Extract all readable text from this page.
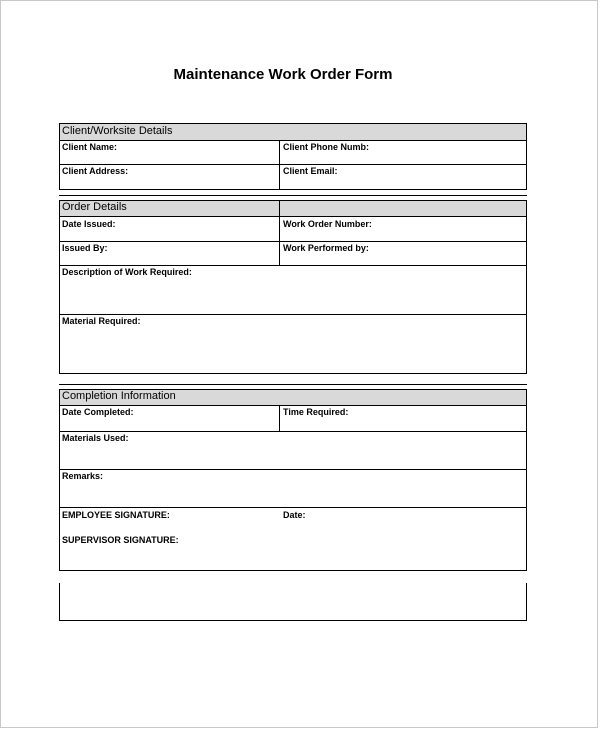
Maintenance Work Order Form
Client/Worksite Details
Client Name:	Client Phone Numb:
Client Address:	Client Email:
Order Details
Date Issued:	Work Order Number:
Issued By:	Work Performed by:
Description of Work Required:
Material Required:
Completion Information
Date Completed:	Time Required:
Materials Used:
Remarks:
EMPLOYEE SIGNATURE:	Date:
SUPERVISOR SIGNATURE:
